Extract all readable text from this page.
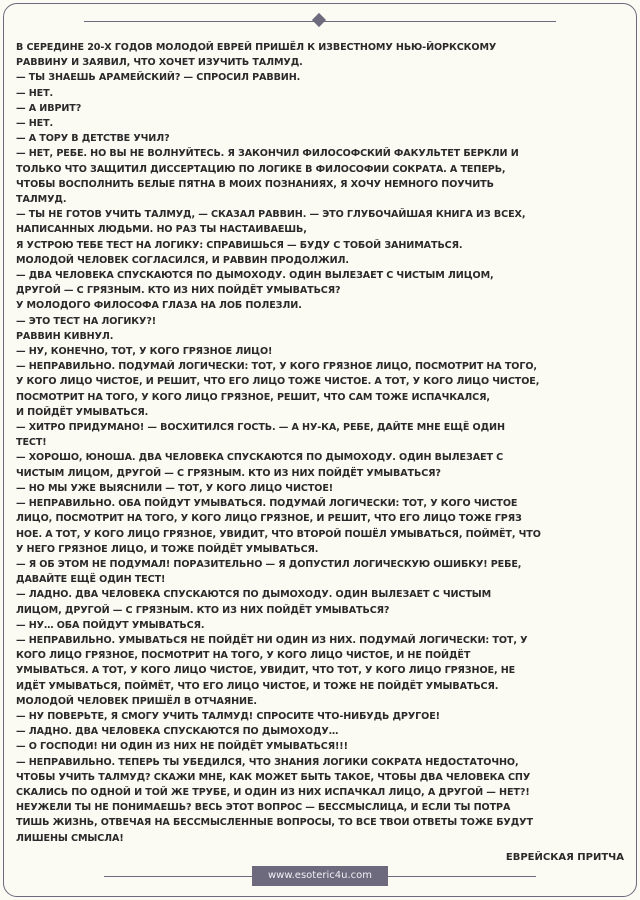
В СЕРЕДИНЕ 20-Х ГОДОВ МОЛОДОЙ ЕВРЕЙ ПРИШЁЛ К ИЗВЕСТНОМУ НЬЮ-ЙОРКСКОМУ

РАВВИНУ И ЗАЯВИЛ, ЧТО ХОЧЕТ ИЗУЧИТЬ ТАЛМУД.

— ТЫ ЗНАЕШЬ АРАМЕЙСКИЙ? — СПРОСИЛ РАВВИН.

— НЕТ.

— А ИВРИТ?

— НЕТ.

— А ТОРУ В ДЕТСТВЕ УЧИЛ?

— НЕТ, РЕБЕ. НО ВЫ НЕ ВОЛНУЙТЕСЬ. Я ЗАКОНЧИЛ ФИЛОСОФСКИЙ ФАКУЛЬТЕТ БЕРКЛИ И

ТОЛЬКО ЧТО ЗАЩИТИЛ ДИССЕРТАЦИЮ ПО ЛОГИКЕ В ФИЛОСОФИИ СОКРАТА. А ТЕПЕРЬ,

ЧТОБЫ ВОСПОЛНИТЬ БЕЛЫЕ ПЯТНА В МОИХ ПОЗНАНИЯХ, Я ХОЧУ НЕМНОГО ПОУЧИТЬ

ТАЛМУД.

— ТЫ НЕ ГОТОВ УЧИТЬ ТАЛМУД, — СКАЗАЛ РАВВИН. — ЭТО ГЛУБОЧАЙШАЯ КНИГА ИЗ ВСЕХ,

НАПИСАННЫХ ЛЮДЬМИ. НО РАЗ ТЫ НАСТАИВАЕШЬ,

Я УСТРОЮ ТЕБЕ ТЕСТ НА ЛОГИКУ: СПРАВИШЬСЯ — БУДУ С ТОБОЙ ЗАНИМАТЬСЯ.

МОЛОДОЙ ЧЕЛОВЕК СОГЛАСИЛСЯ, И РАВВИН ПРОДОЛЖИЛ.

— ДВА ЧЕЛОВЕКА СПУСКАЮТСЯ ПО ДЫМОХОДУ. ОДИН ВЫЛЕЗАЕТ С ЧИСТЫМ ЛИЦОМ,

ДРУГОЙ — С ГРЯЗНЫМ. КТО ИЗ НИХ ПОЙДЁТ УМЫВАТЬСЯ?

У МОЛОДОГО ФИЛОСОФА ГЛАЗА НА ЛОБ ПОЛЕЗЛИ.

— ЭТО ТЕСТ НА ЛОГИКУ?!

РАВВИН КИВНУЛ.

— НУ, КОНЕЧНО, ТОТ, У КОГО ГРЯЗНОЕ ЛИЦО!

— НЕПРАВИЛЬНО. ПОДУМАЙ ЛОГИЧЕСКИ: ТОТ, У КОГО ГРЯЗНОЕ ЛИЦО, ПОСМОТРИТ НА ТОГО,

У КОГО ЛИЦО ЧИСТОЕ, И РЕШИТ, ЧТО ЕГО ЛИЦО ТОЖЕ ЧИСТОЕ. А ТОТ, У КОГО ЛИЦО ЧИСТОЕ,

ПОСМОТРИТ НА ТОГО, У КОГО ЛИЦО ГРЯЗНОЕ, РЕШИТ, ЧТО САМ ТОЖЕ ИСПАЧКАЛСЯ,

И ПОЙДЁТ УМЫВАТЬСЯ.

— ХИТРО ПРИДУМАНО! — ВОСХИТИЛСЯ ГОСТЬ. — А НУ-КА, РЕБЕ, ДАЙТЕ МНЕ ЕЩЁ ОДИН

ТЕСТ!

— ХОРОШО, ЮНОША. ДВА ЧЕЛОВЕКА СПУСКАЮТСЯ ПО ДЫМОХОДУ. ОДИН ВЫЛЕЗАЕТ С

ЧИСТЫМ ЛИЦОМ, ДРУГОЙ — С ГРЯЗНЫМ. КТО ИЗ НИХ ПОЙДЁТ УМЫВАТЬСЯ?

— НО МЫ УЖЕ ВЫЯСНИЛИ — ТОТ, У КОГО ЛИЦО ЧИСТОЕ!

— НЕПРАВИЛЬНО. ОБА ПОЙДУТ УМЫВАТЬСЯ. ПОДУМАЙ ЛОГИЧЕСКИ: ТОТ, У КОГО ЧИСТОЕ

ЛИЦО, ПОСМОТРИТ НА ТОГО, У КОГО ЛИЦО ГРЯЗНОЕ, И РЕШИТ, ЧТО ЕГО ЛИЦО ТОЖЕ ГРЯЗ

НОЕ. А ТОТ, У КОГО ЛИЦО ГРЯЗНОЕ, УВИДИТ, ЧТО ВТОРОЙ ПОШЁЛ УМЫВАТЬСЯ, ПОЙМЁТ, ЧТО

У НЕГО ГРЯЗНОЕ ЛИЦО, И ТОЖЕ ПОЙДЁТ УМЫВАТЬСЯ.

— Я ОБ ЭТОМ НЕ ПОДУМАЛ! ПОРАЗИТЕЛЬНО — Я ДОПУСТИЛ ЛОГИЧЕСКУЮ ОШИБКУ! РЕБЕ,

ДАВАЙТЕ ЕЩЁ ОДИН ТЕСТ!

— ЛАДНО. ДВА ЧЕЛОВЕКА СПУСКАЮТСЯ ПО ДЫМОХОДУ. ОДИН ВЫЛЕЗАЕТ С ЧИСТЫМ

ЛИЦОМ, ДРУГОЙ — С ГРЯЗНЫМ. КТО ИЗ НИХ ПОЙДЁТ УМЫВАТЬСЯ?

— НУ… ОБА ПОЙДУТ УМЫВАТЬСЯ.

— НЕПРАВИЛЬНО. УМЫВАТЬСЯ НЕ ПОЙДЁТ НИ ОДИН ИЗ НИХ. ПОДУМАЙ ЛОГИЧЕСКИ: ТОТ, У

КОГО ЛИЦО ГРЯЗНОЕ, ПОСМОТРИТ НА ТОГО, У КОГО ЛИЦО ЧИСТОЕ, И НЕ ПОЙДЁТ

УМЫВАТЬСЯ. А ТОТ, У КОГО ЛИЦО ЧИСТОЕ, УВИДИТ, ЧТО ТОТ, У КОГО ЛИЦО ГРЯЗНОЕ, НЕ

ИДЁТ УМЫВАТЬСЯ, ПОЙМЁТ, ЧТО ЕГО ЛИЦО ЧИСТОЕ, И ТОЖЕ НЕ ПОЙДЁТ УМЫВАТЬСЯ.

МОЛОДОЙ ЧЕЛОВЕК ПРИШЁЛ В ОТЧАЯНИЕ.

— НУ ПОВЕРЬТЕ, Я СМОГУ УЧИТЬ ТАЛМУД! СПРОСИТЕ ЧТО-НИБУДЬ ДРУГОЕ!

— ЛАДНО. ДВА ЧЕЛОВЕКА СПУСКАЮТСЯ ПО ДЫМОХОДУ…

— О ГОСПОДИ! НИ ОДИН ИЗ НИХ НЕ ПОЙДЁТ УМЫВАТЬСЯ!!!

— НЕПРАВИЛЬНО. ТЕПЕРЬ ТЫ УБЕДИЛСЯ, ЧТО ЗНАНИЯ ЛОГИКИ СОКРАТА НЕДОСТАТОЧНО,

ЧТОБЫ УЧИТЬ ТАЛМУД? СКАЖИ МНЕ, КАК МОЖЕТ БЫТЬ ТАКОЕ, ЧТОБЫ ДВА ЧЕЛОВЕКА СПУ

СКАЛИСЬ ПО ОДНОЙ И ТОЙ ЖЕ ТРУБЕ, И ОДИН ИЗ НИХ ИСПАЧКАЛ ЛИЦО, А ДРУГОЙ — НЕТ?!

НЕУЖЕЛИ ТЫ НЕ ПОНИМАЕШЬ? ВЕСЬ ЭТОТ ВОПРОС — БЕССМЫСЛИЦА, И ЕСЛИ ТЫ ПОТРА

ТИШЬ ЖИЗНЬ, ОТВЕЧАЯ НА БЕССМЫСЛЕННЫЕ ВОПРОСЫ, ТО ВСЕ ТВОИ ОТВЕТЫ ТОЖЕ БУДУТ

ЛИШЕНЫ СМЫСЛА!

ЕВРЕЙСКАЯ ПРИТЧА
www.esoteric4u.com
